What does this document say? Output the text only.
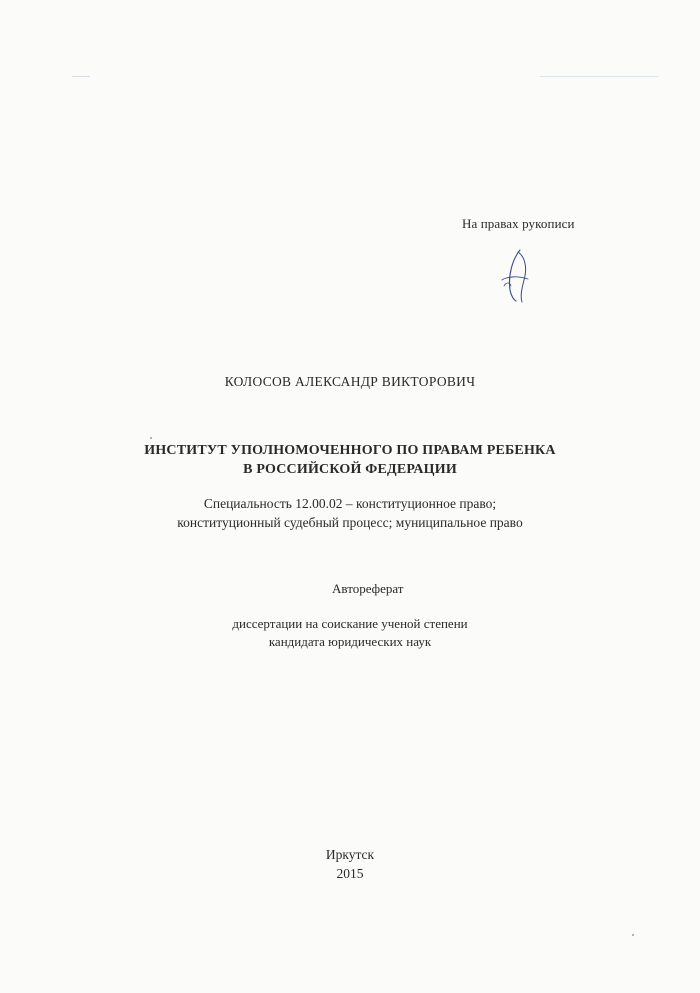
На правах рукописи
КОЛОСОВ АЛЕКСАНДР ВИКТОРОВИЧ
ИНСТИТУТ УПОЛНОМОЧЕННОГО ПО ПРАВАМ РЕБЕНКА
В РОССИЙСКОЙ ФЕДЕРАЦИИ
Специальность 12.00.02 – конституционное право;
конституционный судебный процесс; муниципальное право
Автореферат
диссертации на соискание ученой степени
кандидата юридических наук
Иркутск
2015
